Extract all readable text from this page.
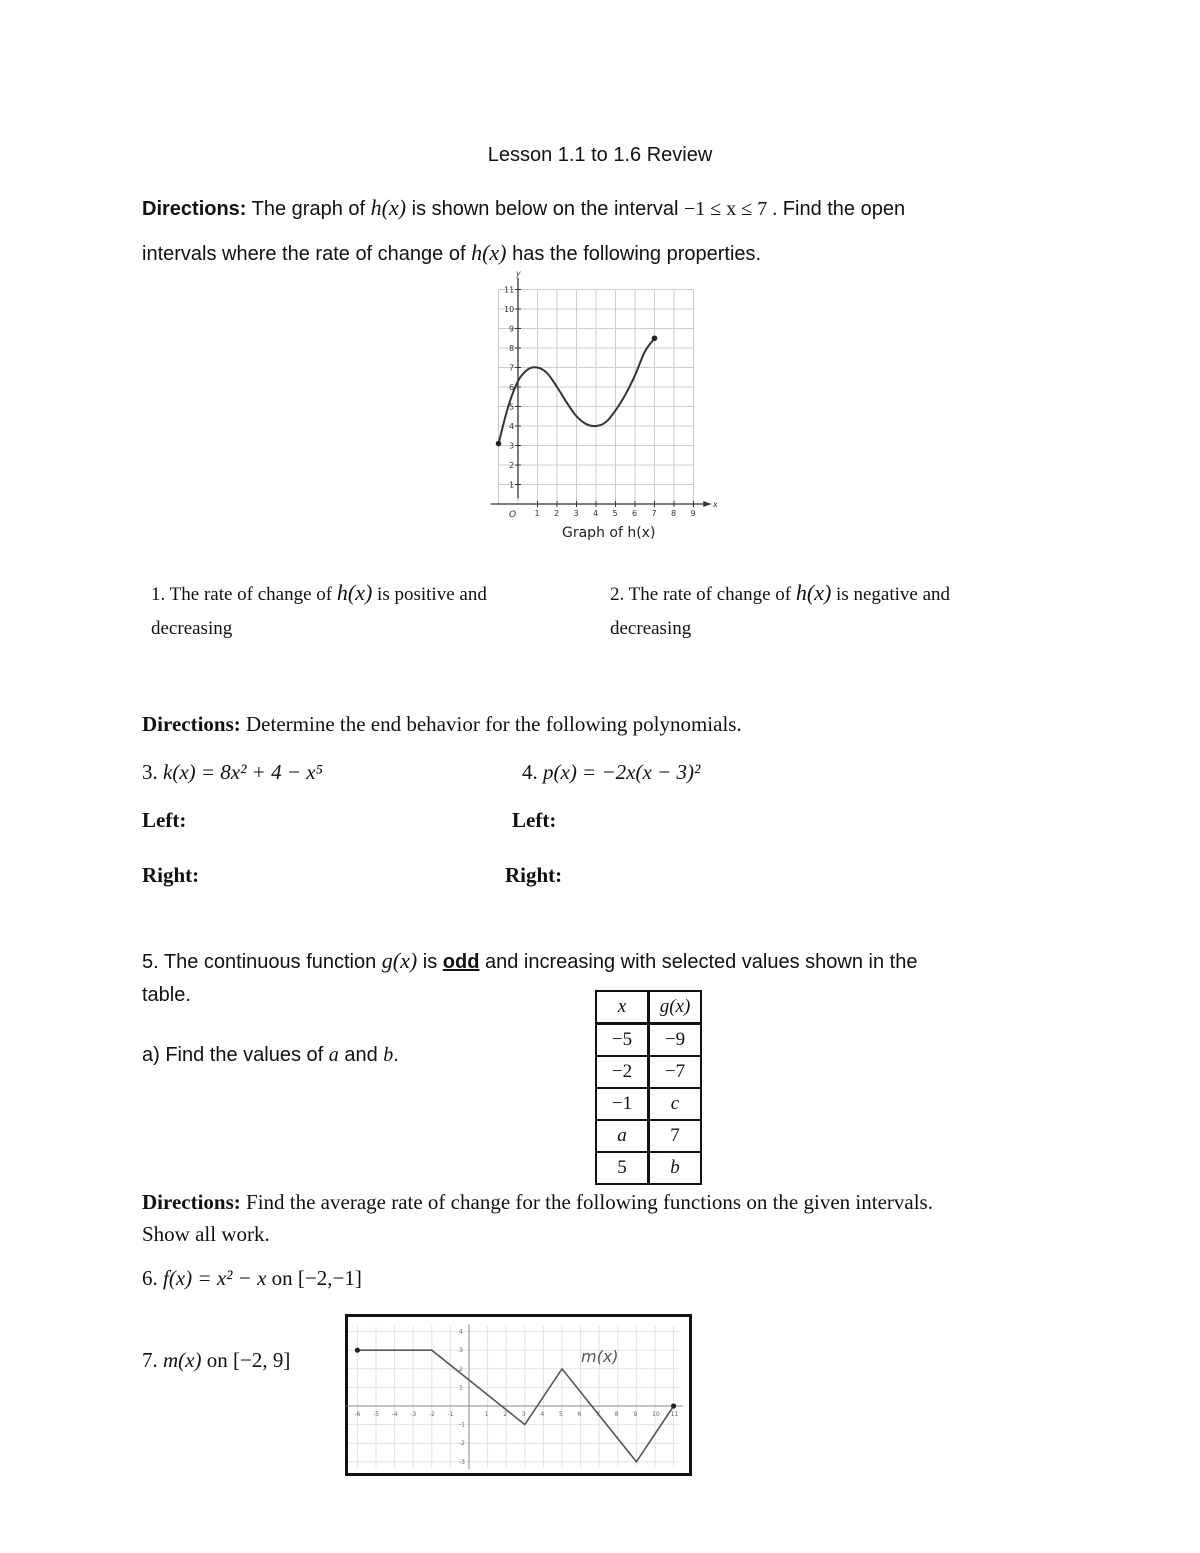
Lesson 1.1 to 1.6 Review
Directions: The graph of h(x) is shown below on the interval −1 ≤ x ≤ 7 . Find the open
intervals where the rate of change of h(x) has the following properties.
1 2 3 4 5 6 7 8 9
1
2
3
4
5
6
7
8
9
10
11
O
x
y
Graph of h(x)
1. The rate of change of h(x) is positive and
decreasing
2. The rate of change of h(x) is negative and
decreasing
Directions: Determine the end behavior for the following polynomials.
3. k(x) = 8x² + 4 − x⁵
Left:
Right:
4. p(x) = −2x(x − 3)²
Left:
Right:
5. The continuous function g(x) is odd and increasing with selected values shown in the
table.
a) Find the values of a and b.
x	g(x)
−5	−9
−2	−7
−1	c
a	7
5	b
Directions: Find the average rate of change for the following functions on the given intervals.
Show all work.
6. f(x) = x² − x on [−2,−1]
7. m(x) on [−2, 9]
-6 -5 -4 -3 -2 -1	1 2 3 4 5 6 7 8 9 10 11
4
3
2
1
-1
-2
-3
m(x)
